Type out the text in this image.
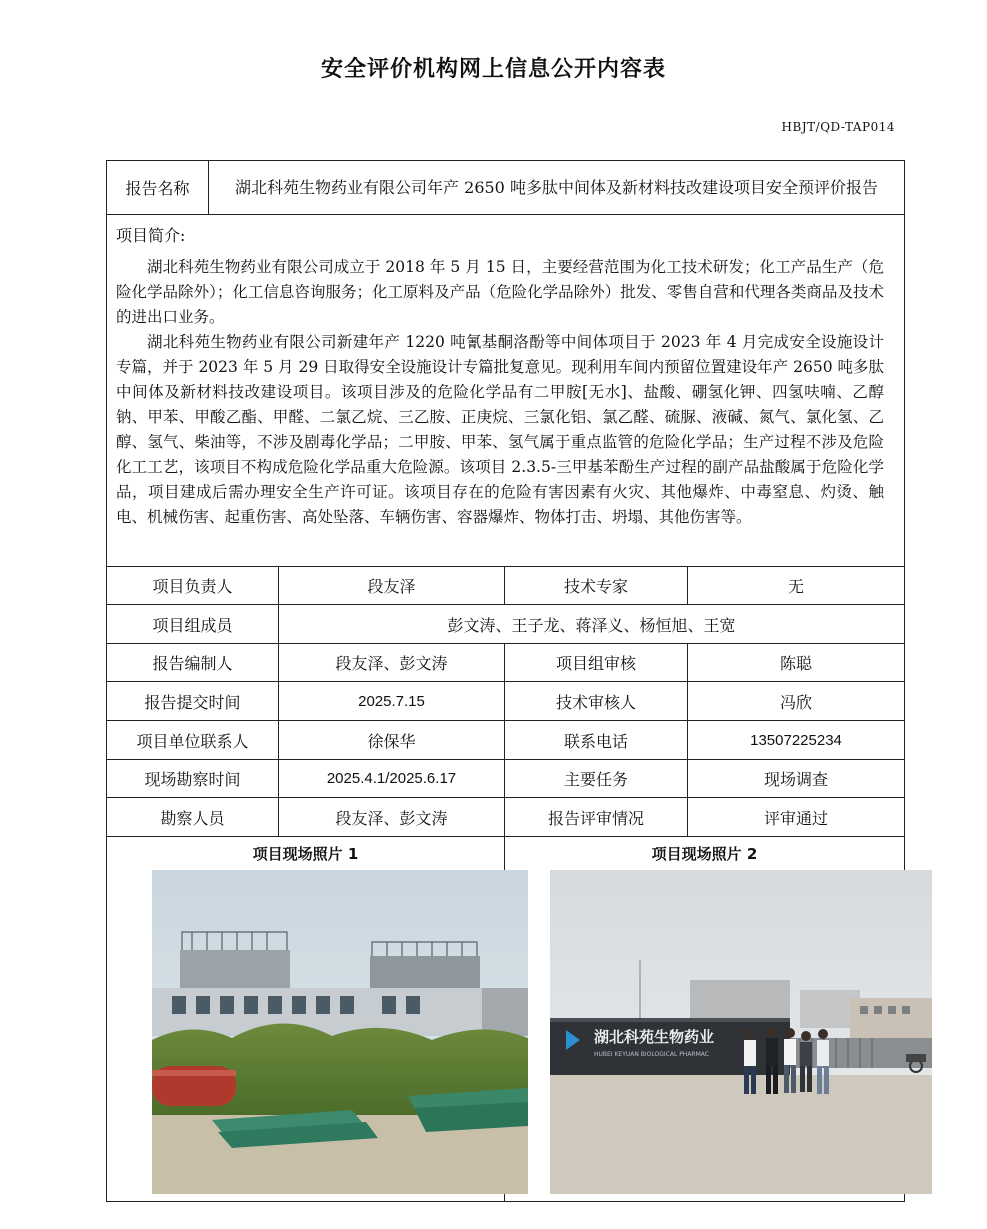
安全评价机构网上信息公开内容表
HBJT/QD-TAP014
报告名称	湖北科苑生物药业有限公司年产 2650 吨多肽中间体及新材料技改建设项目安全预评价报告
项目简介:

湖北科苑生物药业有限公司成立于 2018 年 5 月 15 日，主要经营范围为化工技术研发；化工产品生产（危险化学品除外）；化工信息咨询服务；化工原料及产品（危险化学品除外）批发、零售自营和代理各类商品及技术的进出口业务。

湖北科苑生物药业有限公司新建年产 1220 吨氰基酮洛酚等中间体项目于 2023 年 4 月完成安全设施设计专篇，并于 2023 年 5 月 29 日取得安全设施设计专篇批复意见。现利用车间内预留位置建设年产 2650 吨多肽中间体及新材料技改建设项目。该项目涉及的危险化学品有二甲胺[无水]、盐酸、硼氢化钾、四氢呋喃、乙醇钠、甲苯、甲酸乙酯、甲醛、二氯乙烷、三乙胺、正庚烷、三氯化铝、氯乙醛、硫脲、液碱、氮气、氯化氢、乙醇、氢气、柴油等，不涉及剧毒化学品；二甲胺、甲苯、氢气属于重点监管的危险化学品；生产过程不涉及危险化工工艺，该项目不构成危险化学品重大危险源。该项目 2.3.5-三甲基苯酚生产过程的副产品盐酸属于危险化学品，项目建成后需办理安全生产许可证。该项目存在的危险有害因素有火灾、其他爆炸、中毒窒息、灼烫、触电、机械伤害、起重伤害、高处坠落、车辆伤害、容器爆炸、物体打击、坍塌、其他伤害等。

项目负责人	段友泽	技术专家	无
项目组成员	彭文涛、王子龙、蒋泽义、杨恒旭、王宽
报告编制人	段友泽、彭文涛	项目组审核	陈聪
报告提交时间	2025.7.15	技术审核人	冯欣
项目单位联系人	徐保华	联系电话	13507225234
现场勘察时间	2025.4.1/2025.6.17	主要任务	现场调查
勘察人员	段友泽、彭文涛	报告评审情况	评审通过
项目现场照片 1	项目现场照片 2
湖北科苑生物药业
HUBEI KEYUAN BIOLOGICAL PHARMAC
